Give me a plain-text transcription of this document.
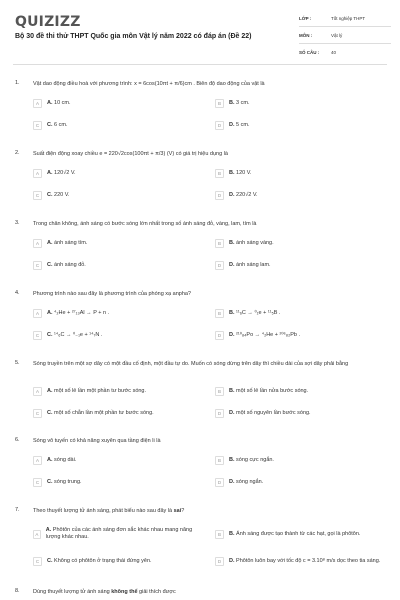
QUIZIZZ
Bộ 30 đề thi thử THPT Quốc gia môn Vật lý năm 2022 có đáp án (Đề 22)
LỚP :	Tốt nghiệp THPT
MÔN :	Vật lý
SỐ CÂU :	40
1. Vật dao động điều hoà với phương trình: x = 6cos(10πt + π/6)cm . Biên độ dao động của vật là
A	A. 10 cm.	B	B. 3 cm.
C	C. 6 cm.	D	D. 5 cm.
2. Suất điện động xoay chiều e = 220√2cos(100πt + π/3) (V) có giá trị hiệu dụng là
A	A. 120√2 V.	B	B. 120 V.
C	C. 220 V.	D	D. 220√2 V.
3. Trong chân không, ánh sáng có bước sóng lớn nhất trong số ánh sáng đỏ, vàng, lam, tím là
A	A. ánh sáng tím.	B	B. ánh sáng vàng.
C	C. ánh sáng đỏ.	D	D. ánh sáng lam.
4. Phương trình nào sau đây là phương trình của phóng xạ anpha?
A	A. ⁴₂He + ²⁷₁₃Al → P + n .	B	B. ¹¹₆C → ⁰₁e + ¹¹₅B .
C	C. ¹⁴₆C → ⁰₋₁e + ¹⁴₇N .	D	D. ²¹⁰₈₄Po → ⁴₂He + ²⁰⁶₈₂Pb .
5. Sóng truyền trên một sợ dây có một đầu cố định, một đầu tự do. Muốn có sóng dừng trên dây thì chiều dài của sợi dây phải bằng
A	A. một số lẻ lần một phần tư bước sóng.	B	B. một số lẻ lần nửa bước sóng.
C	C. một số chẵn lần một phần tư bước sóng.	D	D. một số nguyên lần bước sóng.
6. Sóng vô tuyến có khả năng xuyên qua tầng điện li là
A	A. sóng dài.	B	B. sóng cực ngắn.
C	C. sóng trung.	D	D. sóng ngắn.
7. Theo thuyết lượng tử ánh sáng, phát biểu nào sau đây là sai?
A
A. Phôtôn của các ánh sáng đơn sắc khác nhau mang năng lượng khác nhau.	B	B. Ánh sáng được tạo thành từ các hạt, gọi là phôtôn.
C	C. Không có phôtôn ở trạng thái đứng yên.	D	D. Phôtôn luôn bay với tốc độ c = 3.10⁸ m/s dọc theo tia sáng.
8. Dùng thuyết lượng tử ánh sáng không thể giải thích được
